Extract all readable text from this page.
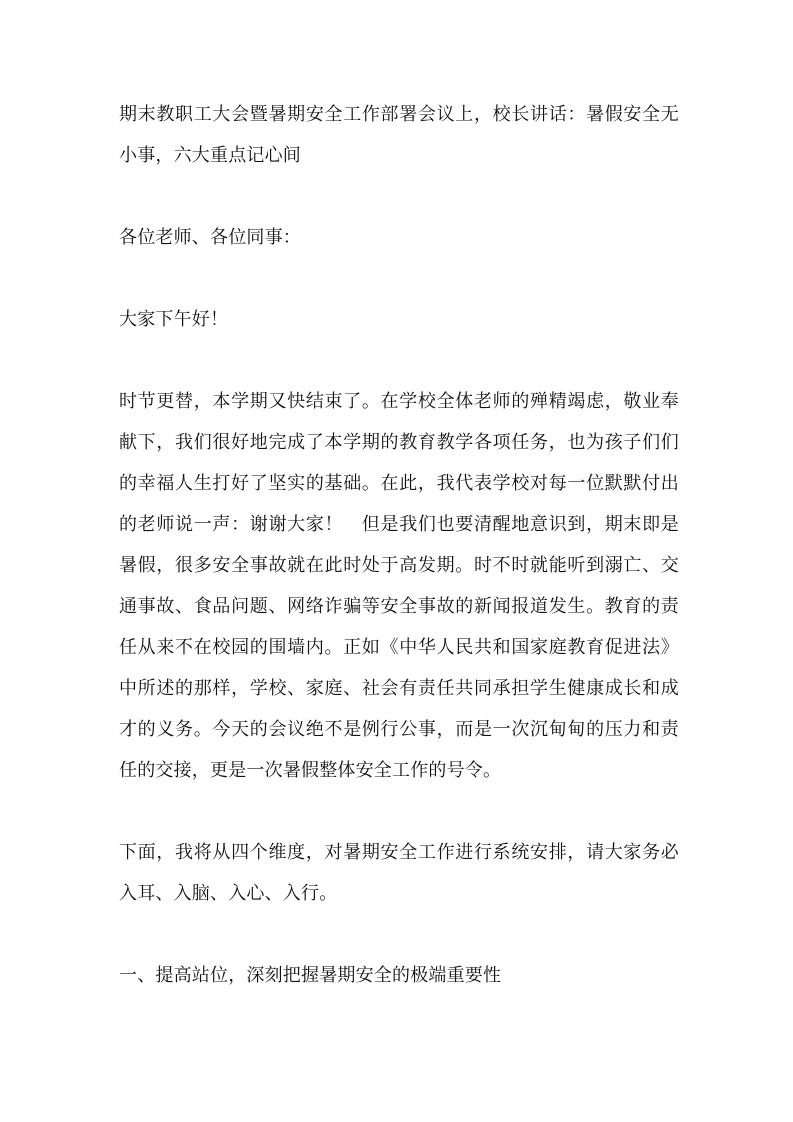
期末教职工大会暨暑期安全工作部署会议上，校长讲话：暑假安全无小事，六大重点记心间

各位老师、各位同事：

大家下午好！

时节更替，本学期又快结束了。在学校全体老师的殚精竭虑，敬业奉献下，我们很好地完成了本学期的教育教学各项任务，也为孩子们们的幸福人生打好了坚实的基础。在此，我代表学校对每一位默默付出的老师说一声：谢谢大家！　但是我们也要清醒地意识到，期末即是暑假，很多安全事故就在此时处于高发期。时不时就能听到溺亡、交通事故、食品问题、网络诈骗等安全事故的新闻报道发生。教育的责任从来不在校园的围墙内。正如《中华人民共和国家庭教育促进法》中所述的那样，学校、家庭、社会有责任共同承担学生健康成长和成才的义务。今天的会议绝不是例行公事，而是一次沉甸甸的压力和责任的交接，更是一次暑假整体安全工作的号令。

下面，我将从四个维度，对暑期安全工作进行系统安排，请大家务必入耳、入脑、入心、入行。

一、提高站位，深刻把握暑期安全的极端重要性
